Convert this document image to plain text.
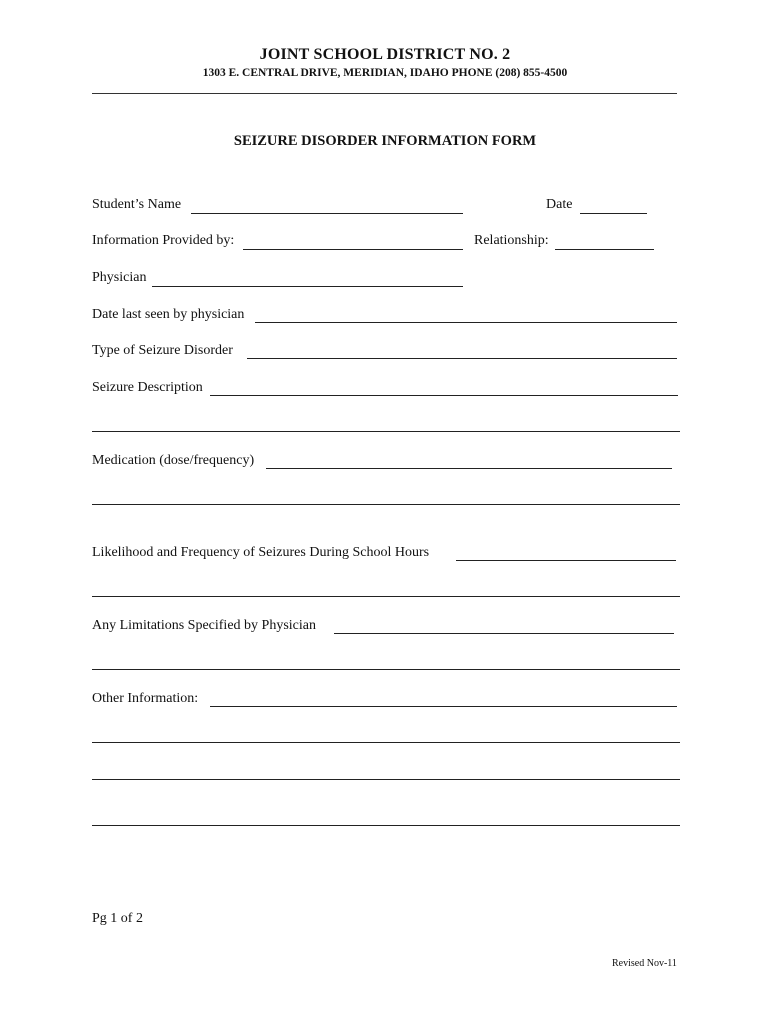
JOINT SCHOOL DISTRICT NO. 2
1303 E. CENTRAL DRIVE, MERIDIAN, IDAHO PHONE (208) 855-4500
SEIZURE DISORDER INFORMATION FORM
Student’s Name	Date
Information Provided by:	Relationship:
Physician
Date last seen by physician
Type of Seizure Disorder
Seizure Description
Medication (dose/frequency)
Likelihood and Frequency of Seizures During School Hours
Any Limitations Specified by Physician
Other Information:
Pg 1 of 2
Revised Nov-11
